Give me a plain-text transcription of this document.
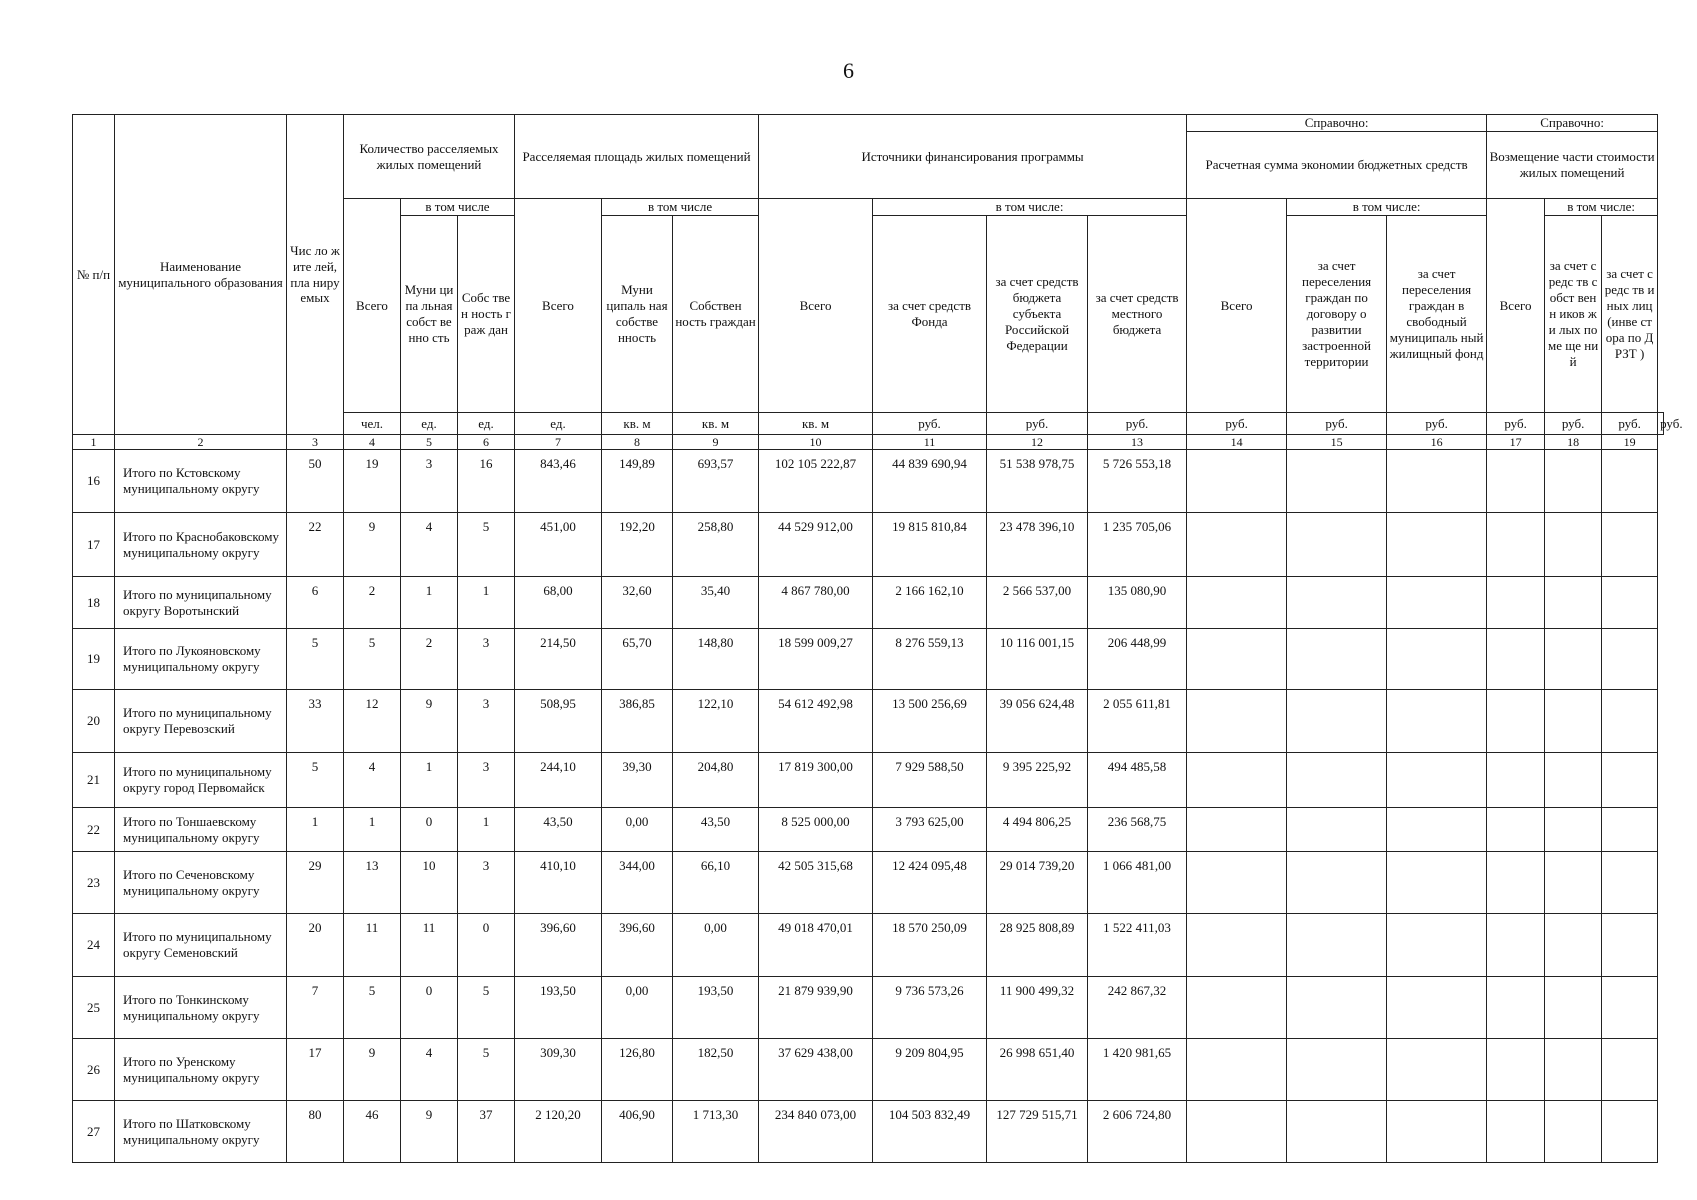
6
№ п/п	Наименование муниципального образования	Чис ло жите лей, пла ниру емых	Количество расселяемых жилых помещений			Расселяемая площадь жилых помещений			Источники финансирования программы				Справочно:			Справочно:			
													Расчетная сумма экономии бюджетных средств			Возмещение части стоимости жилых помещений			
			Всего	в том числе		Всего	в том числе		Всего	в том числе:			Всего	в том числе:		Всего	в том числе:		
				Муни ципа льная собст венно сть	Собс твен ность граж дан		Муни ципаль ная собстве нность	Собствен ность граждан		за счет средств Фонда	за счет средств бюджета субъекта Российской Федерации	за счет средств местного бюджета		за счет переселения граждан по договору о развитии застроенной территории	за счет переселения граждан в свободный муниципаль ный жилищный фонд		за счет средс тв собст венн иков жи лых поме ще ний	за счет средс тв иных лиц (инве стора по ДРЗТ )	
			чел.	ед.	ед.	ед.	кв. м	кв. м	кв. м	руб.	руб.	руб.	руб.	руб.	руб.	руб.	руб.	руб.	руб.
1	2	3	4	5	6	7	8	9	10	11	12	13	14	15	16	17	18	19	
16	Итого по Кстовскому муниципальному округу	50	19	3	16	843,46	149,89	693,57	102 105 222,87	44 839 690,94	51 538 978,75	5 726 553,18							
17	Итого по Краснобаковскому муниципальному округу	22	9	4	5	451,00	192,20	258,80	44 529 912,00	19 815 810,84	23 478 396,10	1 235 705,06							
18	Итого по муниципальному округу Воротынский	6	2	1	1	68,00	32,60	35,40	4 867 780,00	2 166 162,10	2 566 537,00	135 080,90							
19	Итого по Лукояновскому муниципальному округу	5	5	2	3	214,50	65,70	148,80	18 599 009,27	8 276 559,13	10 116 001,15	206 448,99							
20	Итого по муниципальному округу Перевозский	33	12	9	3	508,95	386,85	122,10	54 612 492,98	13 500 256,69	39 056 624,48	2 055 611,81							
21	Итого по муниципальному округу город Первомайск	5	4	1	3	244,10	39,30	204,80	17 819 300,00	7 929 588,50	9 395 225,92	494 485,58							
22	Итого по Тоншаевскому муниципальному округу	1	1	0	1	43,50	0,00	43,50	8 525 000,00	3 793 625,00	4 494 806,25	236 568,75							
23	Итого по Сеченовскому муниципальному округу	29	13	10	3	410,10	344,00	66,10	42 505 315,68	12 424 095,48	29 014 739,20	1 066 481,00							
24	Итого по муниципальному округу Семеновский	20	11	11	0	396,60	396,60	0,00	49 018 470,01	18 570 250,09	28 925 808,89	1 522 411,03							
25	Итого по Тонкинскому муниципальному округу	7	5	0	5	193,50	0,00	193,50	21 879 939,90	9 736 573,26	11 900 499,32	242 867,32							
26	Итого по Уренскому муниципальному округу	17	9	4	5	309,30	126,80	182,50	37 629 438,00	9 209 804,95	26 998 651,40	1 420 981,65							
27	Итого по Шатковскому муниципальному округу	80	46	9	37	2 120,20	406,90	1 713,30	234 840 073,00	104 503 832,49	127 729 515,71	2 606 724,80							
